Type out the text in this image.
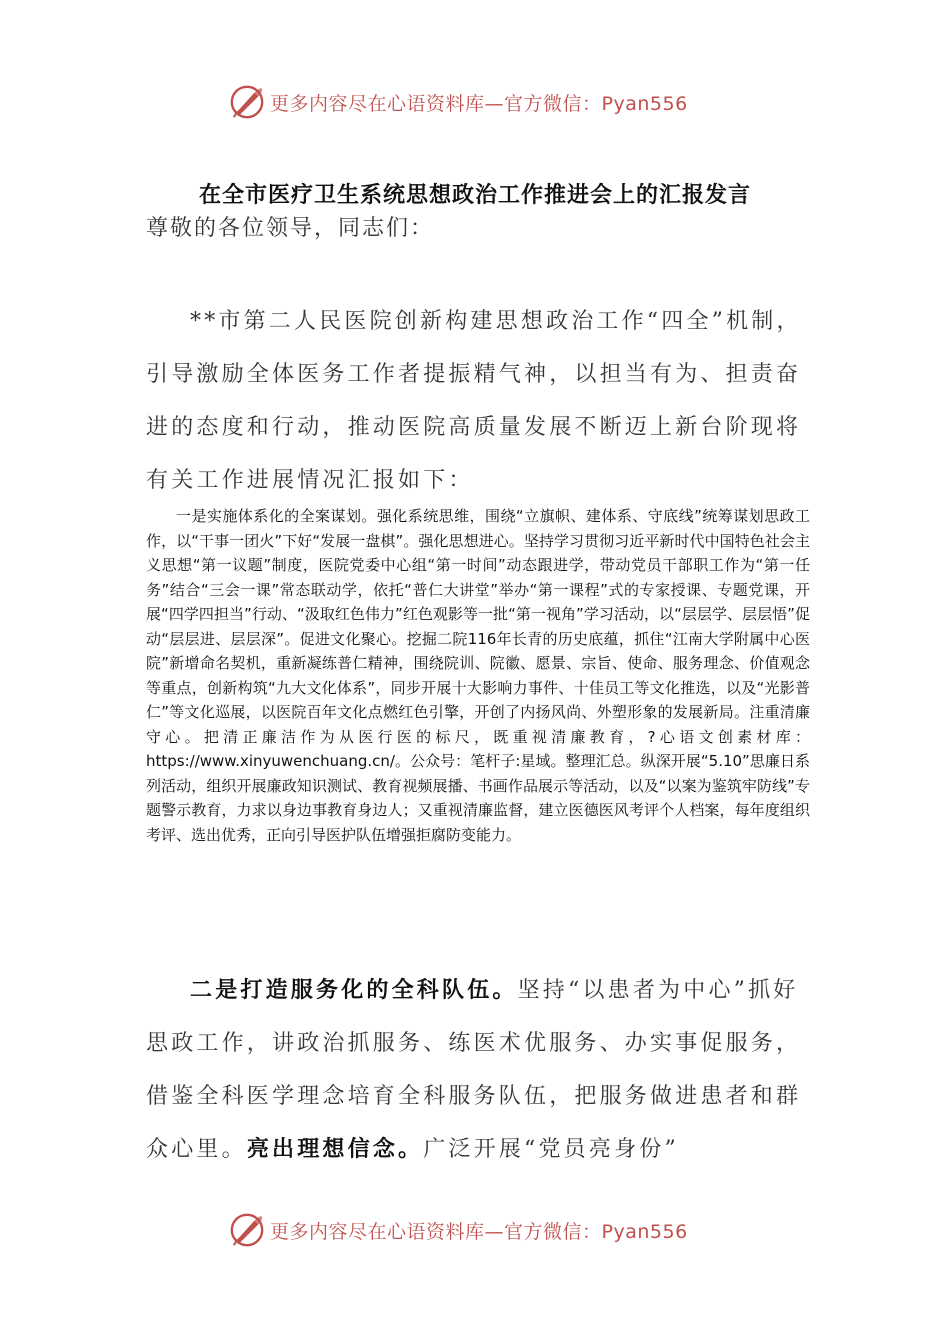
更多内容尽在心语资料库—官方微信：Pyan556
在全市医疗卫生系统思想政治工作推进会上的汇报发言
尊敬的各位领导，同志们：

**市第二人民医院创新构建思想政治工作“四全”机制，引导激励全体医务工作者提振精气神，以担当有为、担责奋进的态度和行动，推动医院高质量发展不断迈上新台阶现将有关工作进展情况汇报如下：

一是实施体系化的全案谋划。强化系统思维，围绕“立旗帜、建体系、守底线”统筹谋划思政工作，以“干事一团火”下好“发展一盘棋”。强化思想进心。坚持学习贯彻习近平新时代中国特色社会主义思想“第一议题”制度，医院党委中心组“第一时间”动态跟进学，带动党员干部职工作为“第一任务”结合“三会一课”常态联动学，依托“普仁大讲堂”举办“第一课程”式的专家授课、专题党课，开展“四学四担当”行动、“汲取红色伟力”红色观影等一批“第一视角”学习活动，以“层层学、层层悟”促动“层层进、层层深”。促进文化聚心。挖掘二院116年长青的历史底蕴，抓住“江南大学附属中心医院”新增命名契机，重新凝练普仁精神，围绕院训、院徽、愿景、宗旨、使命、服务理念、价值观念等重点，创新构筑“九大文化体系”，同步开展十大影响力事件、十佳员工等文化推选，以及“光影普仁”等文化巡展，以医院百年文化点燃红色引擎，开创了内扬风尚、外塑形象的发展新局。注重清廉守心。把清正廉洁作为从医行医的标尺，既重视清廉教育，?心语文创素材库：https://www.xinyuwenchuang.cn/。公众号：笔杆子:星域。整理汇总。纵深开展“5.10”思廉日系列活动，组织开展廉政知识测试、教育视频展播、书画作品展示等活动，以及“以案为鉴筑牢防线”专题警示教育，力求以身边事教育身边人；又重视清廉监督，建立医德医风考评个人档案，每年度组织考评、选出优秀，正向引导医护队伍增强拒腐防变能力。

二是打造服务化的全科队伍。坚持“以患者为中心”抓好思政工作，讲政治抓服务、练医术优服务、办实事促服务，借鉴全科医学理念培育全科服务队伍，把服务做进患者和群众心里。亮出理想信念。广泛开展“党员亮身份”

更多内容尽在心语资料库—官方微信：Pyan556
